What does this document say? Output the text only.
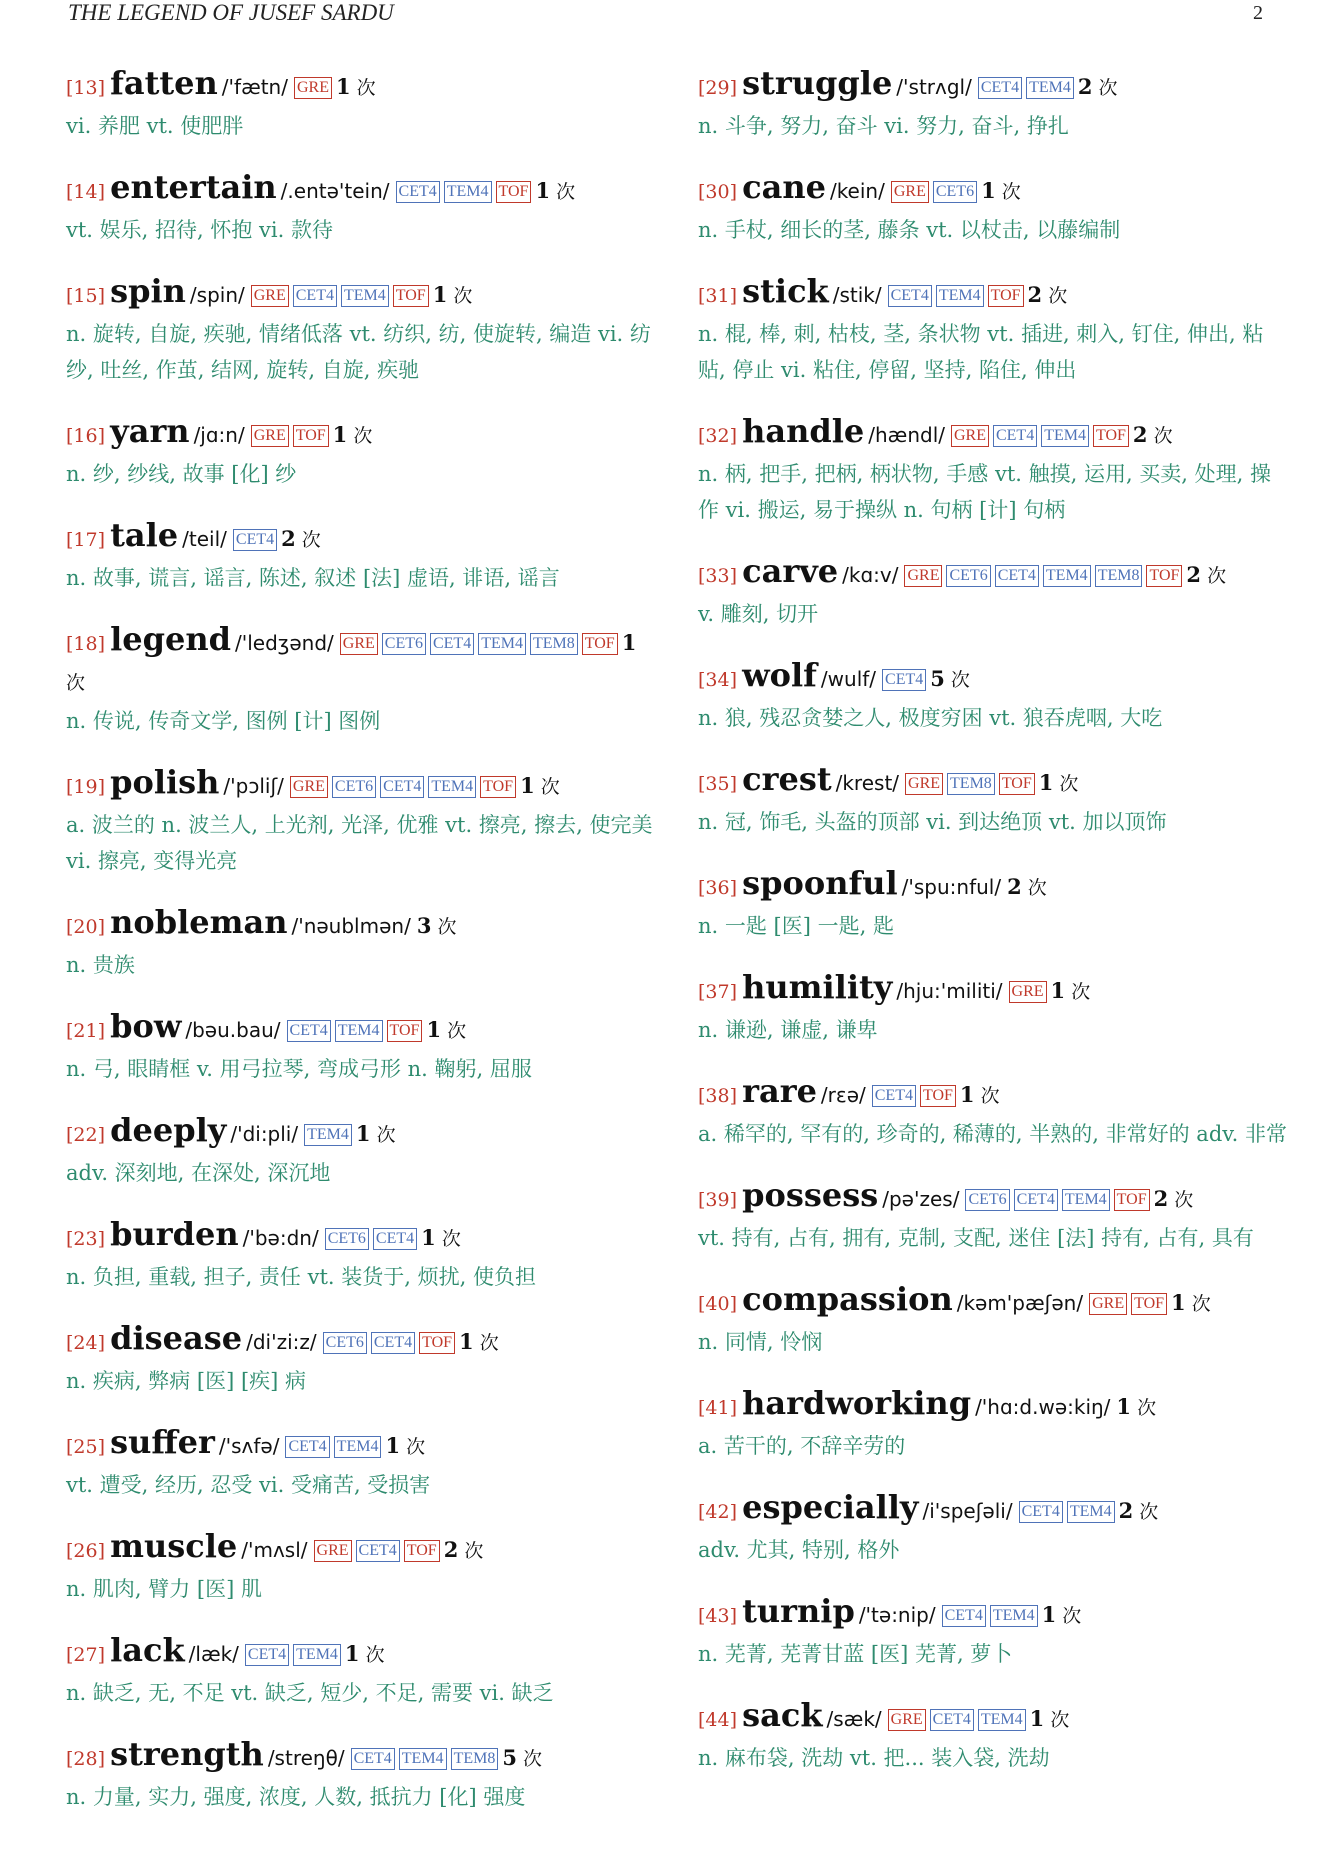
THE LEGEND OF JUSEF SARDU	2
[13] fatten /'fætn/ GRE 1 次
vi. 养肥 vt. 使肥胖
[14] entertain /.entə'tein/ CET4 TEM4 TOF 1 次
vt. 娱乐, 招待, 怀抱 vi. 款待
[15] spin /spin/ GRE CET4 TEM4 TOF 1 次
n. 旋转, 自旋, 疾驰, 情绪低落 vt. 纺织, 纺, 使旋转, 编造 vi. 纺纱, 吐丝, 作茧, 结网, 旋转, 自旋, 疾驰
[16] yarn /jɑ:n/ GRE TOF 1 次
n. 纱, 纱线, 故事 [化] 纱
[17] tale /teil/ CET4 2 次
n. 故事, 谎言, 谣言, 陈述, 叙述 [法] 虚语, 诽语, 谣言
[18] legend /'ledʒənd/ GRE CET6 CET4 TEM4 TEM8 TOF 1 次
n. 传说, 传奇文学, 图例 [计] 图例
[19] polish /'pɔliʃ/ GRE CET6 CET4 TEM4 TOF 1 次
a. 波兰的 n. 波兰人, 上光剂, 光泽, 优雅 vt. 擦亮, 擦去, 使完美 vi. 擦亮, 变得光亮
[20] nobleman /'nəublmən/ 3 次
n. 贵族
[21] bow /bəu.bau/ CET4 TEM4 TOF 1 次
n. 弓, 眼睛框 v. 用弓拉琴, 弯成弓形 n. 鞠躬, 屈服
[22] deeply /'di:pli/ TEM4 1 次
adv. 深刻地, 在深处, 深沉地
[23] burden /'bə:dn/ CET6 CET4 1 次
n. 负担, 重载, 担子, 责任 vt. 装货于, 烦扰, 使负担
[24] disease /di'zi:z/ CET6 CET4 TOF 1 次
n. 疾病, 弊病 [医] [疾] 病
[25] suffer /'sʌfə/ CET4 TEM4 1 次
vt. 遭受, 经历, 忍受 vi. 受痛苦, 受损害
[26] muscle /'mʌsl/ GRE CET4 TOF 2 次
n. 肌肉, 臂力 [医] 肌
[27] lack /læk/ CET4 TEM4 1 次
n. 缺乏, 无, 不足 vt. 缺乏, 短少, 不足, 需要 vi. 缺乏
[28] strength /streŋθ/ CET4 TEM4 TEM8 5 次
n. 力量, 实力, 强度, 浓度, 人数, 抵抗力 [化] 强度
[29] struggle /'strʌgl/ CET4 TEM4 2 次
n. 斗争, 努力, 奋斗 vi. 努力, 奋斗, 挣扎
[30] cane /kein/ GRE CET6 1 次
n. 手杖, 细长的茎, 藤条 vt. 以杖击, 以藤编制
[31] stick /stik/ CET4 TEM4 TOF 2 次
n. 棍, 棒, 刺, 枯枝, 茎, 条状物 vt. 插进, 刺入, 钉住, 伸出, 粘贴, 停止 vi. 粘住, 停留, 坚持, 陷住, 伸出
[32] handle /hændl/ GRE CET4 TEM4 TOF 2 次
n. 柄, 把手, 把柄, 柄状物, 手感 vt. 触摸, 运用, 买卖, 处理, 操作 vi. 搬运, 易于操纵 n. 句柄 [计] 句柄
[33] carve /kɑ:v/ GRE CET6 CET4 TEM4 TEM8 TOF 2 次
v. 雕刻, 切开
[34] wolf /wulf/ CET4 5 次
n. 狼, 残忍贪婪之人, 极度穷困 vt. 狼吞虎咽, 大吃
[35] crest /krest/ GRE TEM8 TOF 1 次
n. 冠, 饰毛, 头盔的顶部 vi. 到达绝顶 vt. 加以顶饰
[36] spoonful /'spu:nful/ 2 次
n. 一匙 [医] 一匙, 匙
[37] humility /hju:'militi/ GRE 1 次
n. 谦逊, 谦虚, 谦卑
[38] rare /rεə/ CET4 TOF 1 次
a. 稀罕的, 罕有的, 珍奇的, 稀薄的, 半熟的, 非常好的 adv. 非常
[39] possess /pə'zes/ CET6 CET4 TEM4 TOF 2 次
vt. 持有, 占有, 拥有, 克制, 支配, 迷住 [法] 持有, 占有, 具有
[40] compassion /kəm'pæʃən/ GRE TOF 1 次
n. 同情, 怜悯
[41] hardworking /'hɑ:d.wə:kiŋ/ 1 次
a. 苦干的, 不辞辛劳的
[42] especially /i'speʃəli/ CET4 TEM4 2 次
adv. 尤其, 特别, 格外
[43] turnip /'tə:nip/ CET4 TEM4 1 次
n. 芜菁, 芜菁甘蓝 [医] 芜菁, 萝卜
[44] sack /sæk/ GRE CET4 TEM4 1 次
n. 麻布袋, 洗劫 vt. 把... 装入袋, 洗劫
